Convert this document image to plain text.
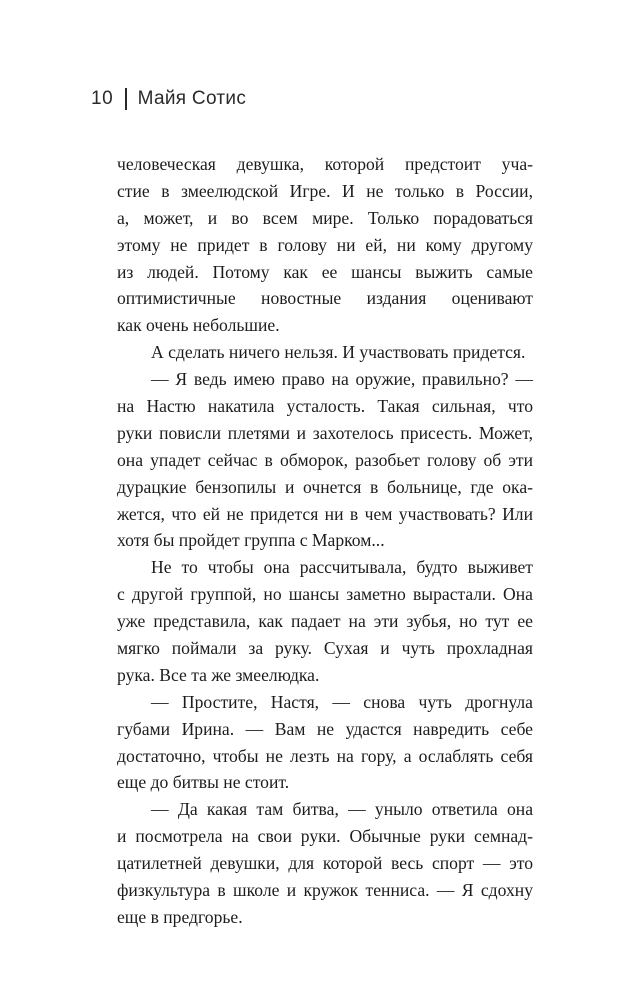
10 Майя Сотис
человеческая девушка, которой предстоит уча-
стие в змеелюдской Игре. И не только в России,
а, может, и во всем мире. Только порадоваться
этому не придет в голову ни ей, ни кому другому
из людей. Потому как ее шансы выжить самые
оптимистичные новостные издания оценивают
как очень небольшие.
А сделать ничего нельзя. И участвовать придется.
— Я ведь имею право на оружие, правильно? —
на Настю накатила усталость. Такая сильная, что
руки повисли плетями и захотелось присесть. Может,
она упадет сейчас в обморок, разобьет голову об эти
дурацкие бензопилы и очнется в больнице, где ока-
жется, что ей не придется ни в чем участвовать? Или
хотя бы пройдет группа с Марком...
Не то чтобы она рассчитывала, будто выживет
с другой группой, но шансы заметно вырастали. Она
уже представила, как падает на эти зубья, но тут ее
мягко поймали за руку. Сухая и чуть прохладная
рука. Все та же змеелюдка.
— Простите, Настя, — снова чуть дрогнула
губами Ирина. — Вам не удастся навредить себе
достаточно, чтобы не лезть на гору, а ослаблять себя
еще до битвы не стоит.
— Да какая там битва, — уныло ответила она
и посмотрела на свои руки. Обычные руки семнад-
цатилетней девушки, для которой весь спорт — это
физкультура в школе и кружок тенниса. — Я сдохну
еще в предгорье.
